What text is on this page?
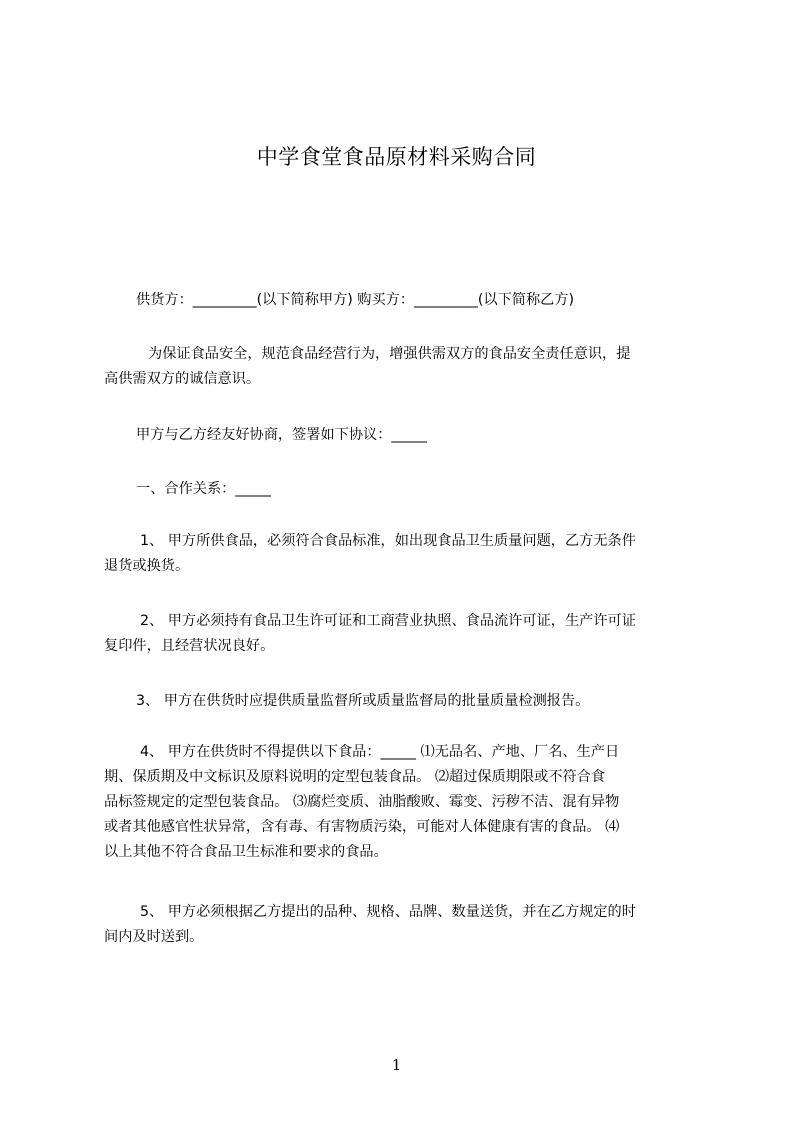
中学食堂食品原材料采购合同

供货方：_________(以下简称甲方) 购买方：_________(以下简称乙方)

为保证食品安全，规范食品经营行为，增强供需双方的食品安全责任意识，提
高供需双方的诚信意识。

甲方与乙方经友好协商，签署如下协议：_____

一、合作关系：_____

1、 甲方所供食品，必须符合食品标准，如出现食品卫生质量问题，乙方无条件
退货或换货。

2、 甲方必须持有食品卫生许可证和工商营业执照、食品流许可证，生产许可证
复印件，且经营状况良好。

3、 甲方在供货时应提供质量监督所或质量监督局的批量质量检测报告。

4、 甲方在供货时不得提供以下食品：_____ ⑴无品名、产地、厂名、生产日
期、保质期及中文标识及原料说明的定型包装食品。 ⑵超过保质期限或不符合食
品标签规定的定型包装食品。 ⑶腐烂变质、油脂酸败、霉变、污秽不洁、混有异物
或者其他感官性状异常，含有毒、有害物质污染，可能对人体健康有害的食品。 ⑷
以上其他不符合食品卫生标准和要求的食品。

5、 甲方必须根据乙方提出的品种、规格、品牌、数量送货，并在乙方规定的时
间内及时送到。

1
